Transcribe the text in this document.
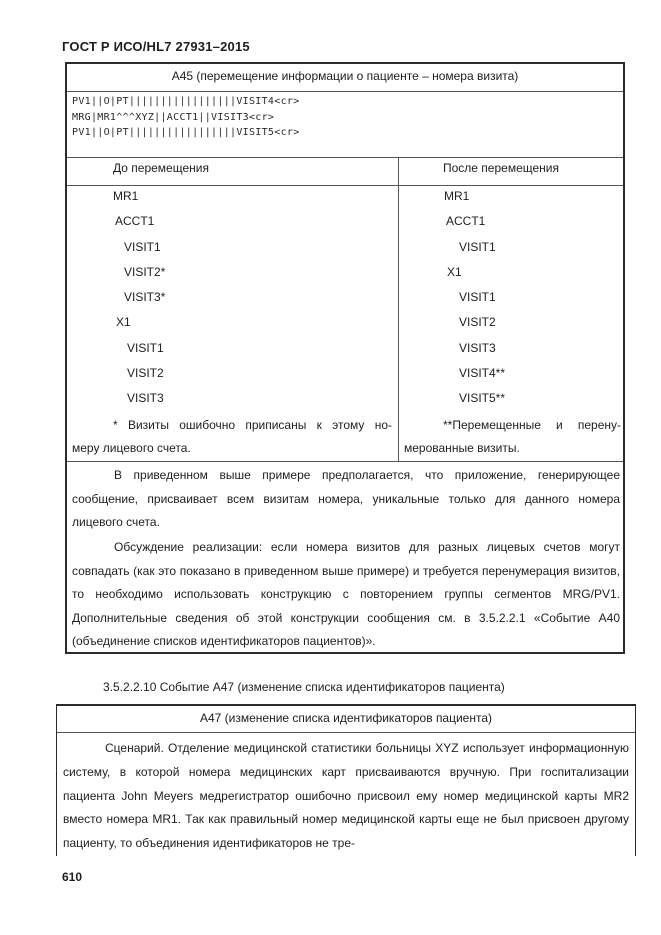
ГОСТ Р ИСО/HL7 27931–2015
А45 (перемещение информации о пациенте – номера визита)
PV1||O|PT|||||||||||||||||VISIT4<cr>
MRG|MR1^^^XYZ||ACCT1||VISIT3<cr>
PV1||O|PT|||||||||||||||||VISIT5<cr>
До перемещения	После перемещения
MR1
ACCT1
VISIT1
VISIT2*
VISIT3*
X1
VISIT1
VISIT2
VISIT3
MR1
ACCT1
VISIT1
X1
VISIT1
VISIT2
VISIT3
VISIT4**
VISIT5**
* Визиты ошибочно приписаны к этому но-
меру лицевого счета.
**Перемещенные и перену-
мерованные визиты.
В приведенном выше примере предполагается, что приложение, генерирующее сообщение, присваивает всем визитам номера, уникальные только для данного номера лицевого счета.
Обсуждение реализации: если номера визитов для разных лицевых счетов могут совпадать (как это показано в приведенном выше примере) и требуется перенумерация визитов, то необходимо использовать конструкцию с повторением группы сегментов MRG/PV1. Дополнительные сведения об этой конструкции сообщения см. в 3.5.2.2.1 «Событие А40 (объединение списков идентификаторов пациентов)».
3.5.2.2.10 Событие А47 (изменение списка идентификаторов пациента)
А47 (изменение списка идентификаторов пациента)
Сценарий. Отделение медицинской статистики больницы XYZ использует информационную систему, в которой номера медицинских карт присваиваются вручную. При госпитализации пациента John Meyers медрегистратор ошибочно присвоил ему номер медицинской карты MR2 вместо номера MR1. Так как правильный номер медицинской карты еще не был присвоен другому пациенту, то объединения идентификаторов не тре-
610
